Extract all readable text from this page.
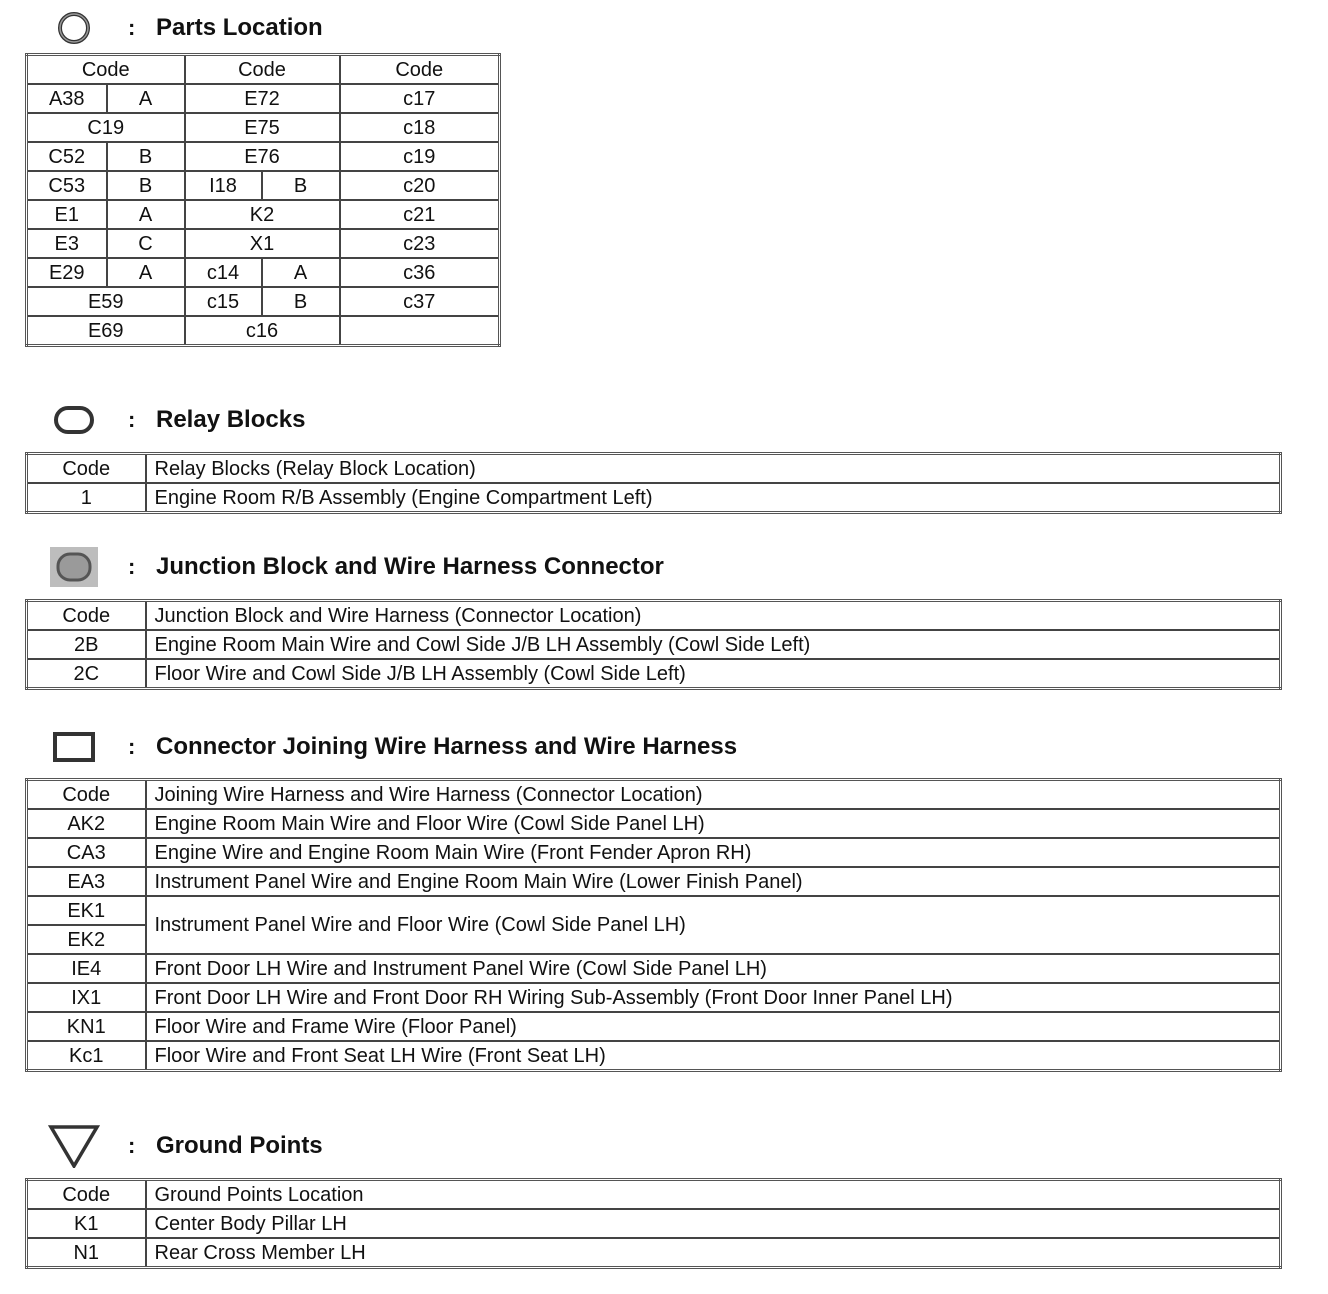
: Parts Location
Code		Code		Code
A38	A	E72		c17
C19		E75		c18
C52	B	E76		c19
C53	B	I18	B	c20
E1	A	K2		c21
E3	C	X1		c23
E29	A	c14	A	c36
E59		c15	B	c37
E69		c16		
: Relay Blocks
Code	Relay Blocks (Relay Block Location)
1	Engine Room R/B Assembly (Engine Compartment Left)
: Junction Block and Wire Harness Connector
Code	Junction Block and Wire Harness (Connector Location)
2B	Engine Room Main Wire and Cowl Side J/B LH Assembly (Cowl Side Left)
2C	Floor Wire and Cowl Side J/B LH Assembly (Cowl Side Left)
: Connector Joining Wire Harness and Wire Harness
Code	Joining Wire Harness and Wire Harness (Connector Location)
AK2	Engine Room Main Wire and Floor Wire (Cowl Side Panel LH)
CA3	Engine Wire and Engine Room Main Wire (Front Fender Apron RH)
EA3	Instrument Panel Wire and Engine Room Main Wire (Lower Finish Panel)
EK1	Instrument Panel Wire and Floor Wire (Cowl Side Panel LH)
EK2	
IE4	Front Door LH Wire and Instrument Panel Wire (Cowl Side Panel LH)
IX1	Front Door LH Wire and Front Door RH Wiring Sub-Assembly (Front Door Inner Panel LH)
KN1	Floor Wire and Frame Wire (Floor Panel)
Kc1	Floor Wire and Front Seat LH Wire (Front Seat LH)
: Ground Points
Code	Ground Points Location
K1	Center Body Pillar LH
N1	Rear Cross Member LH
